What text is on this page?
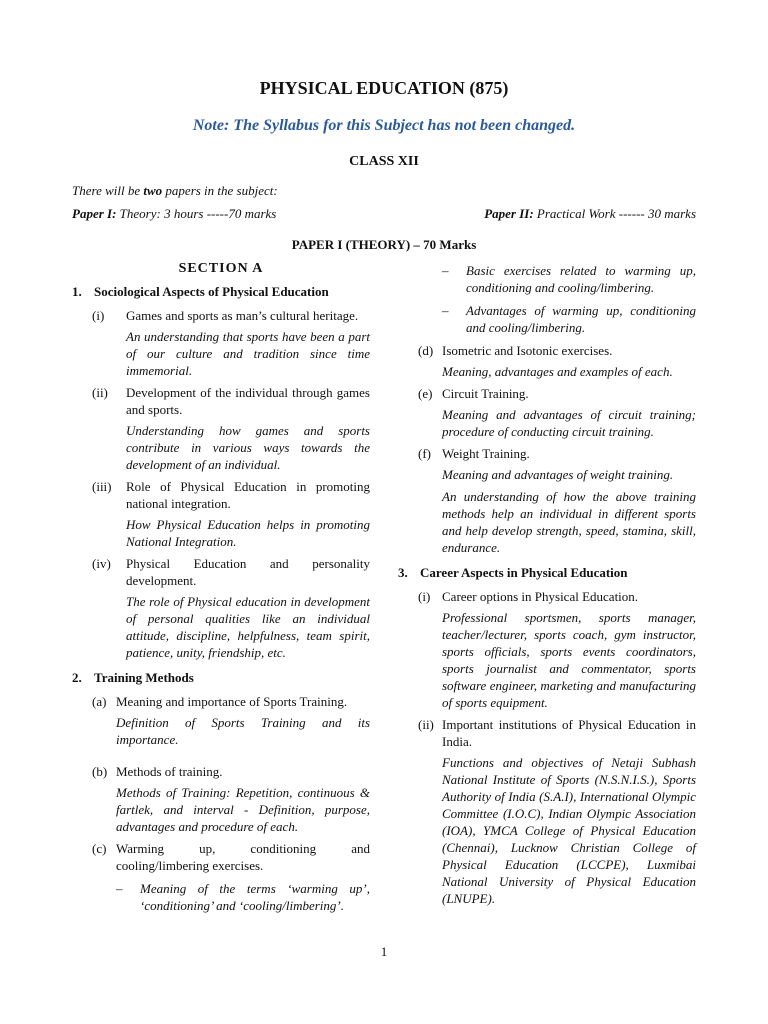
PHYSICAL EDUCATION (875)
Note: The Syllabus for this Subject has not been changed.
CLASS XII
There will be two papers in the subject:
Paper I: Theory: 3 hours -----70 marks	Paper II: Practical Work ------ 30 marks
PAPER I (THEORY) – 70 Marks
SECTION A
1. Sociological Aspects of Physical Education
(i)	Games and sports as man’s cultural heritage.
An understanding that sports have been a part of our culture and tradition since time immemorial.
(ii)	Development of the individual through games and sports.
Understanding how games and sports contribute in various ways towards the development of an individual.
(iii)	Role of Physical Education in promoting national integration.
How Physical Education helps in promoting National Integration.
(iv)	Physical Education and personality development.
The role of Physical education in development of personal qualities like an individual attitude, discipline, helpfulness, team spirit, patience, unity, friendship, etc.
2. Training Methods
(a) Meaning and importance of Sports Training.
Definition of Sports Training and its importance.
(b) Methods of training.
Methods of Training: Repetition, continuous & fartlek, and interval - Definition, purpose, advantages and procedure of each.
(c) Warming up, conditioning and cooling/limbering exercises.
–	Meaning of the terms ‘warming up’, ‘conditioning’ and ‘cooling/limbering’.
–	Basic exercises related to warming up, conditioning and cooling/limbering.
–	Advantages of warming up, conditioning and cooling/limbering.
(d) Isometric and Isotonic exercises.
Meaning, advantages and examples of each.
(e) Circuit Training.
Meaning and advantages of circuit training; procedure of conducting circuit training.
(f) Weight Training.
Meaning and advantages of weight training.
An understanding of how the above training methods help an individual in different sports and help develop strength, speed, stamina, skill, endurance.
3. Career Aspects in Physical Education
(i) Career options in Physical Education.
Professional sportsmen, sports manager, teacher/lecturer, sports coach, gym instructor, sports officials, sports events coordinators, sports journalist and commentator, sports software engineer, marketing and manufacturing of sports equipment.
(ii) Important institutions of Physical Education in India.
Functions and objectives of Netaji Subhash National Institute of Sports (N.S.N.I.S.), Sports Authority of India (S.A.I), International Olympic Committee (I.O.C), Indian Olympic Association (IOA), YMCA College of Physical Education (Chennai), Lucknow Christian College of Physical Education (LCCPE), Luxmibai National University of Physical Education (LNUPE).
1
